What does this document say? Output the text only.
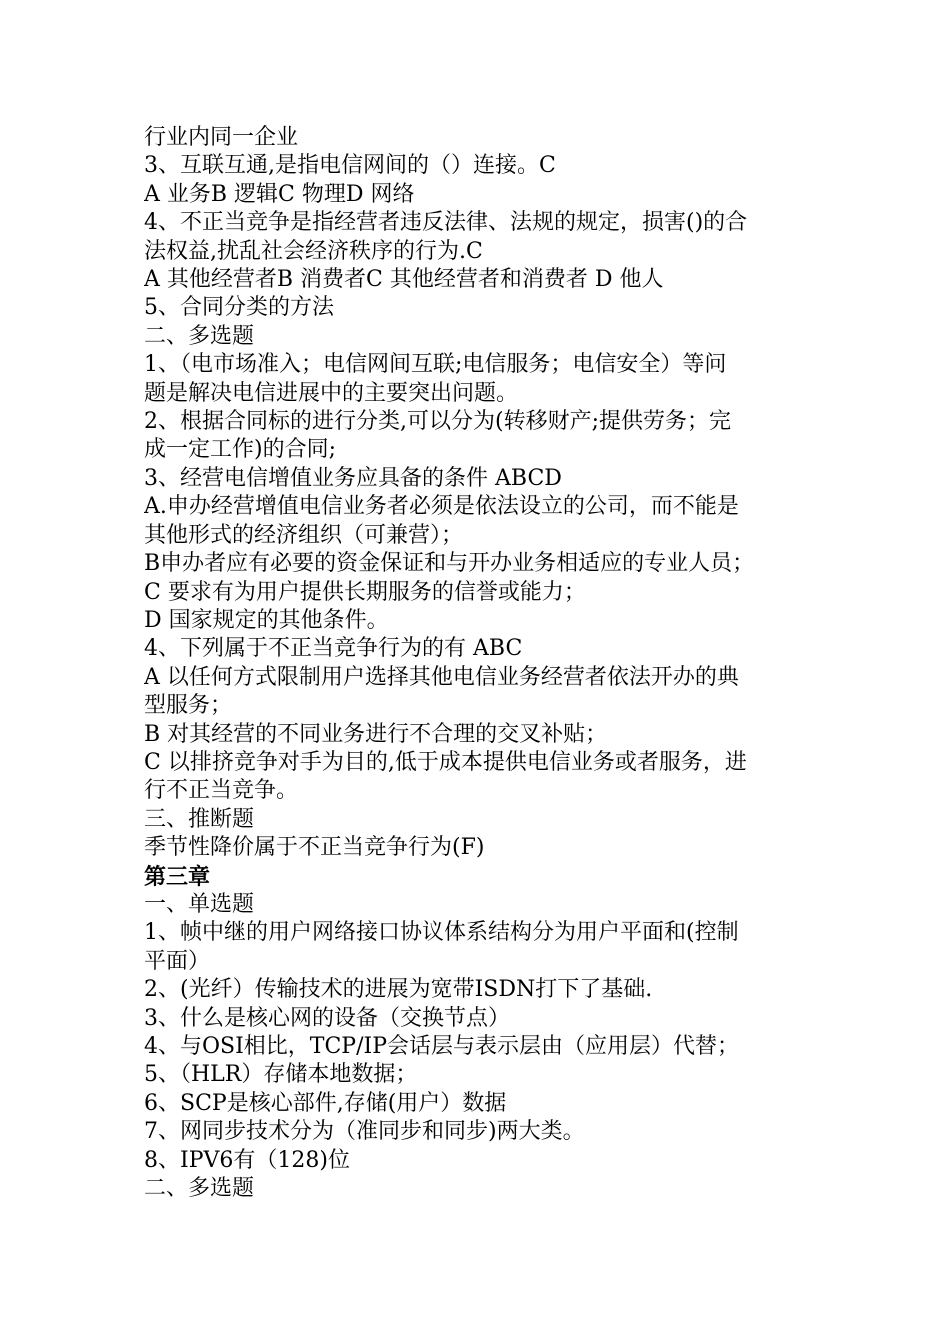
行业内同一企业
3、互联互通,是指电信网间的（）连接。C
A 业务B 逻辑C 物理D 网络
4、不正当竞争是指经营者违反法律、法规的规定，损害()的合
法权益,扰乱社会经济秩序的行为.C
A 其他经营者B 消费者C 其他经营者和消费者 D 他人
5、合同分类的方法
二、多选题
1、（电市场准入；电信网间互联;电信服务；电信安全）等问
题是解决电信进展中的主要突出问题。
2、根据合同标的进行分类,可以分为(转移财产;提供劳务；完
成一定工作)的合同;
3、经营电信增值业务应具备的条件 ABCD
A.申办经营增值电信业务者必须是依法设立的公司，而不能是
其他形式的经济组织（可兼营）；
B申办者应有必要的资金保证和与开办业务相适应的专业人员；
C 要求有为用户提供长期服务的信誉或能力；
D 国家规定的其他条件。
4、下列属于不正当竞争行为的有 ABC
A 以任何方式限制用户选择其他电信业务经营者依法开办的典
型服务；
B 对其经营的不同业务进行不合理的交叉补贴；
C 以排挤竞争对手为目的,低于成本提供电信业务或者服务，进
行不正当竞争。
三、推断题
季节性降价属于不正当竞争行为(F)
第三章
一、单选题
1、帧中继的用户网络接口协议体系结构分为用户平面和(控制
平面）
2、(光纤）传输技术的进展为宽带ISDN打下了基础.
3、什么是核心网的设备（交换节点）
4、与OSI相比，TCP/IP会话层与表示层由（应用层）代替；
5、（HLR）存储本地数据；
6、SCP是核心部件,存储(用户）数据
7、网同步技术分为（准同步和同步)两大类。
8、IPV6有（128)位
二、多选题
